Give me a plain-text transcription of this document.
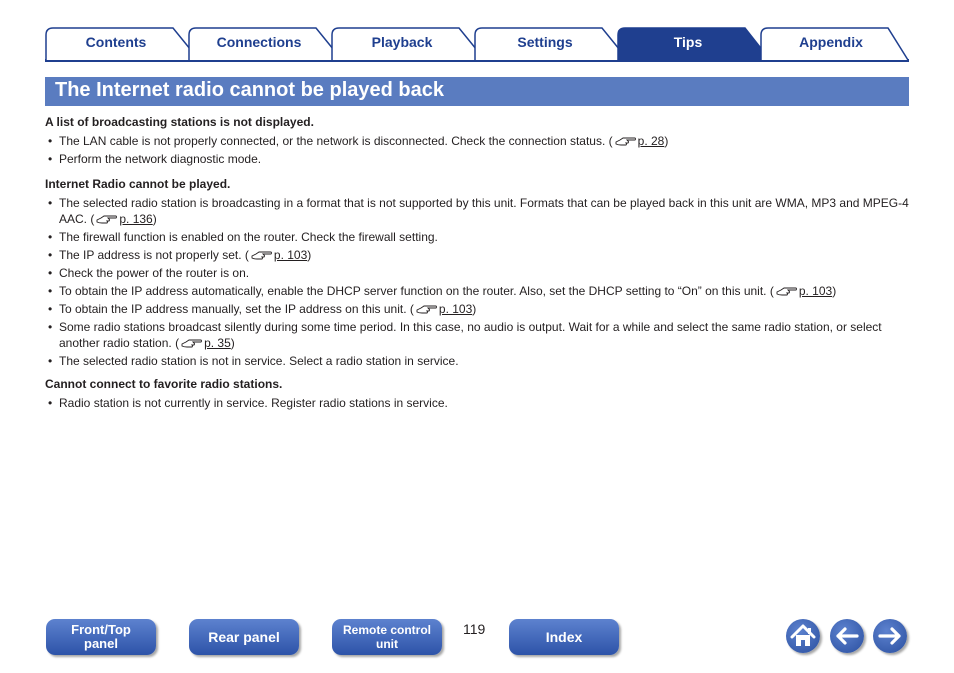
Contents	Connections	Playback	Settings	Tips	Appendix
The Internet radio cannot be played back

A list of broadcasting stations is not displayed.

• The LAN cable is not properly connected, or the network is disconnected. Check the connection status. ( p. 28)
• Perform the network diagnostic mode.

Internet Radio cannot be played.

• The selected radio station is broadcasting in a format that is not supported by this unit. Formats that can be played back in this unit are WMA, MP3 and MPEG-4 AAC. ( p. 136)
• The firewall function is enabled on the router. Check the firewall setting.
• The IP address is not properly set. ( p. 103)
• Check the power of the router is on.
• To obtain the IP address automatically, enable the DHCP server function on the router. Also, set the DHCP setting to “On” on this unit. ( p. 103)
• To obtain the IP address manually, set the IP address on this unit. ( p. 103)
• Some radio stations broadcast silently during some time period. In this case, no audio is output. Wait for a while and select the same radio station, or select another radio station. ( p. 35)
• The selected radio station is not in service. Select a radio station in service.

Cannot connect to favorite radio stations.

• Radio station is not currently in service. Register radio stations in service.
Front/Top
panel	Rear panel	Remote control
unit
119	Index
